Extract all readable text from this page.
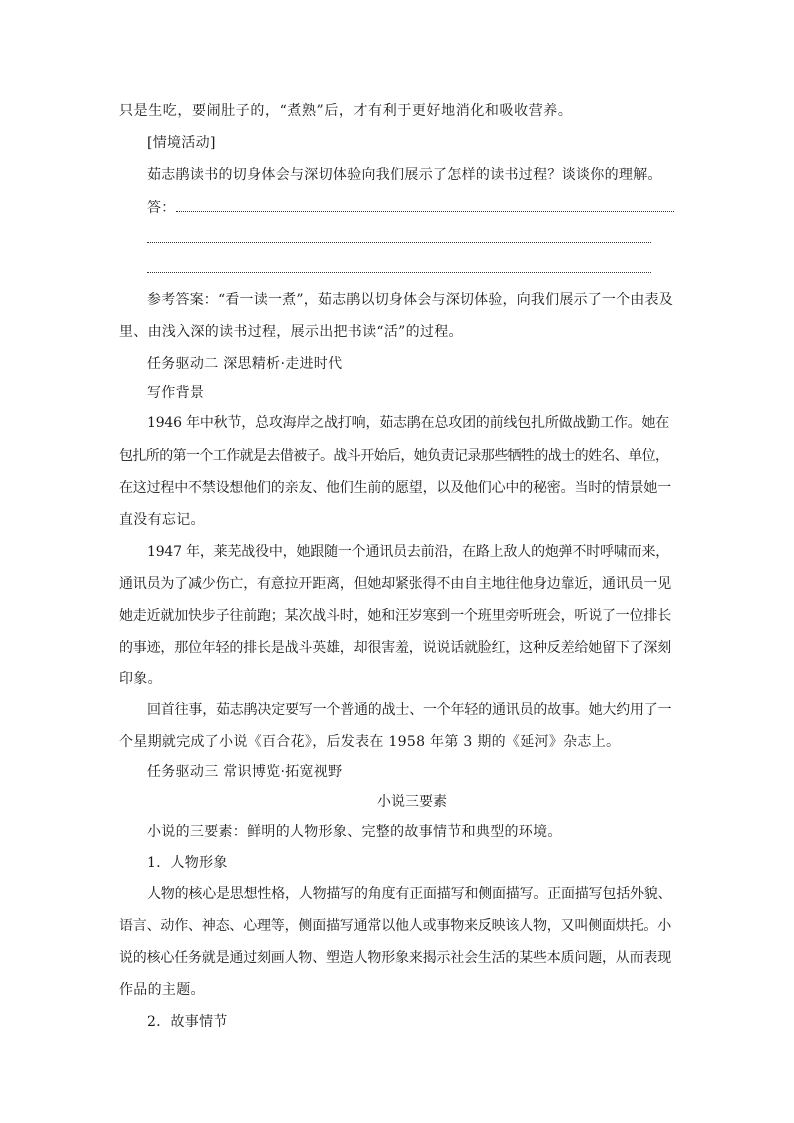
只是生吃，要闹肚子的，“煮熟”后，才有利于更好地消化和吸收营养。
[情境活动]
茹志鹃读书的切身体会与深切体验向我们展示了怎样的读书过程？谈谈你的理解。
答：
参考答案：“看一读一煮”，茹志鹃以切身体会与深切体验，向我们展示了一个由表及
里、由浅入深的读书过程，展示出把书读“活”的过程。
任务驱动二 深思精析·走进时代
写作背景
1946 年中秋节，总攻海岸之战打响，茹志鹃在总攻团的前线包扎所做战勤工作。她在
包扎所的第一个工作就是去借被子。战斗开始后，她负责记录那些牺牲的战士的姓名、单位，
在这过程中不禁设想他们的亲友、他们生前的愿望，以及他们心中的秘密。当时的情景她一
直没有忘记。
1947 年，莱芜战役中，她跟随一个通讯员去前沿，在路上敌人的炮弹不时呼啸而来，
通讯员为了减少伤亡，有意拉开距离，但她却紧张得不由自主地往他身边靠近，通讯员一见
她走近就加快步子往前跑；某次战斗时，她和汪岁寒到一个班里旁听班会，听说了一位排长
的事迹，那位年轻的排长是战斗英雄，却很害羞，说说话就脸红，这种反差给她留下了深刻
印象。
回首往事，茹志鹃决定要写一个普通的战士、一个年轻的通讯员的故事。她大约用了一
个星期就完成了小说《百合花》，后发表在 1958 年第 3 期的《延河》杂志上。
任务驱动三 常识博览·拓宽视野
小说三要素
小说的三要素：鲜明的人物形象、完整的故事情节和典型的环境。
1．人物形象
人物的核心是思想性格，人物描写的角度有正面描写和侧面描写。正面描写包括外貌、
语言、动作、神态、心理等，侧面描写通常以他人或事物来反映该人物，又叫侧面烘托。小
说的核心任务就是通过刻画人物、塑造人物形象来揭示社会生活的某些本质问题，从而表现
作品的主题。
2．故事情节
